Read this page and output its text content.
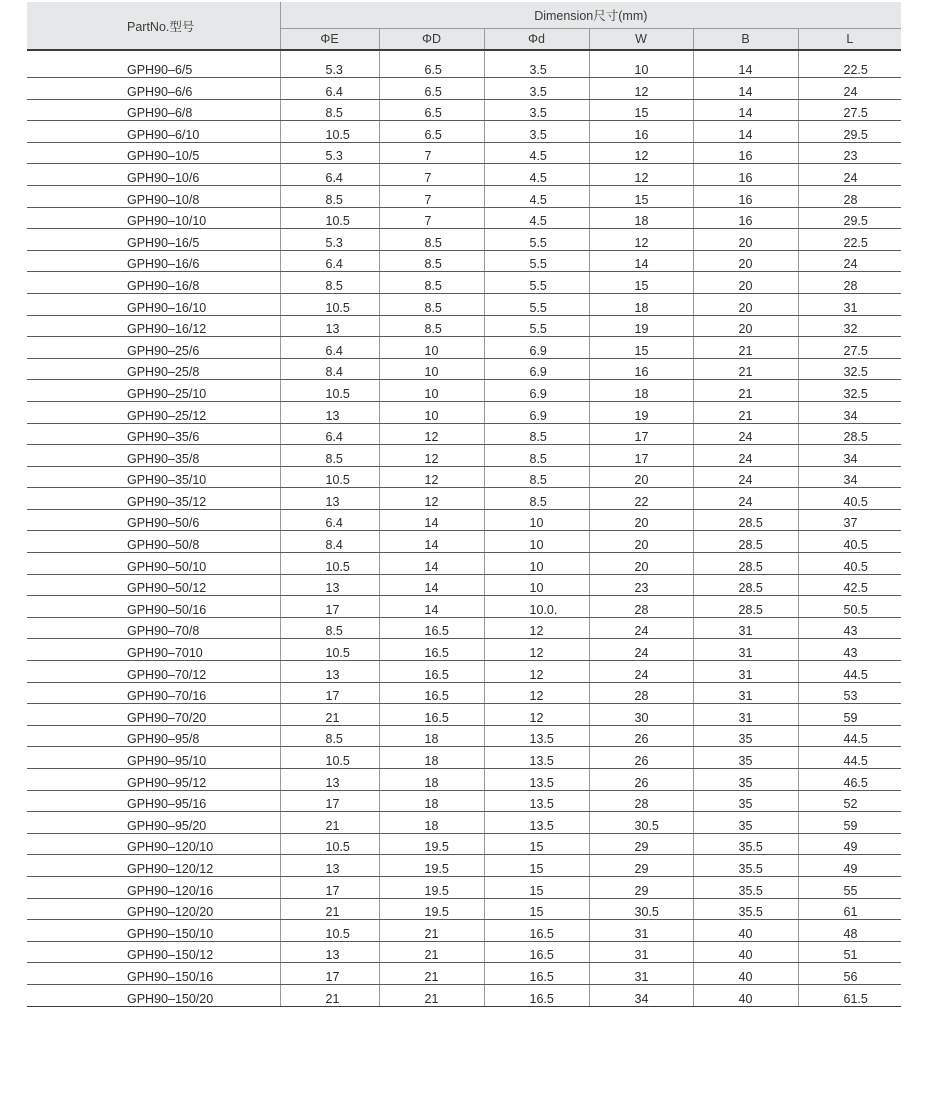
PartNo.型号	Dimension尺寸(mm)					
	ΦE	ΦD	Φd	W	B	L
GPH90–6/5	5.3	6.5	3.5	10	14	22.5
GPH90–6/6	6.4	6.5	3.5	12	14	24
GPH90–6/8	8.5	6.5	3.5	15	14	27.5
GPH90–6/10	10.5	6.5	3.5	16	14	29.5
GPH90–10/5	5.3	7	4.5	12	16	23
GPH90–10/6	6.4	7	4.5	12	16	24
GPH90–10/8	8.5	7	4.5	15	16	28
GPH90–10/10	10.5	7	4.5	18	16	29.5
GPH90–16/5	5.3	8.5	5.5	12	20	22.5
GPH90–16/6	6.4	8.5	5.5	14	20	24
GPH90–16/8	8.5	8.5	5.5	15	20	28
GPH90–16/10	10.5	8.5	5.5	18	20	31
GPH90–16/12	13	8.5	5.5	19	20	32
GPH90–25/6	6.4	10	6.9	15	21	27.5
GPH90–25/8	8.4	10	6.9	16	21	32.5
GPH90–25/10	10.5	10	6.9	18	21	32.5
GPH90–25/12	13	10	6.9	19	21	34
GPH90–35/6	6.4	12	8.5	17	24	28.5
GPH90–35/8	8.5	12	8.5	17	24	34
GPH90–35/10	10.5	12	8.5	20	24	34
GPH90–35/12	13	12	8.5	22	24	40.5
GPH90–50/6	6.4	14	10	20	28.5	37
GPH90–50/8	8.4	14	10	20	28.5	40.5
GPH90–50/10	10.5	14	10	20	28.5	40.5
GPH90–50/12	13	14	10	23	28.5	42.5
GPH90–50/16	17	14	10.0.	28	28.5	50.5
GPH90–70/8	8.5	16.5	12	24	31	43
GPH90–7010	10.5	16.5	12	24	31	43
GPH90–70/12	13	16.5	12	24	31	44.5
GPH90–70/16	17	16.5	12	28	31	53
GPH90–70/20	21	16.5	12	30	31	59
GPH90–95/8	8.5	18	13.5	26	35	44.5
GPH90–95/10	10.5	18	13.5	26	35	44.5
GPH90–95/12	13	18	13.5	26	35	46.5
GPH90–95/16	17	18	13.5	28	35	52
GPH90–95/20	21	18	13.5	30.5	35	59
GPH90–120/10	10.5	19.5	15	29	35.5	49
GPH90–120/12	13	19.5	15	29	35.5	49
GPH90–120/16	17	19.5	15	29	35.5	55
GPH90–120/20	21	19.5	15	30.5	35.5	61
GPH90–150/10	10.5	21	16.5	31	40	48
GPH90–150/12	13	21	16.5	31	40	51
GPH90–150/16	17	21	16.5	31	40	56
GPH90–150/20	21	21	16.5	34	40	61.5
